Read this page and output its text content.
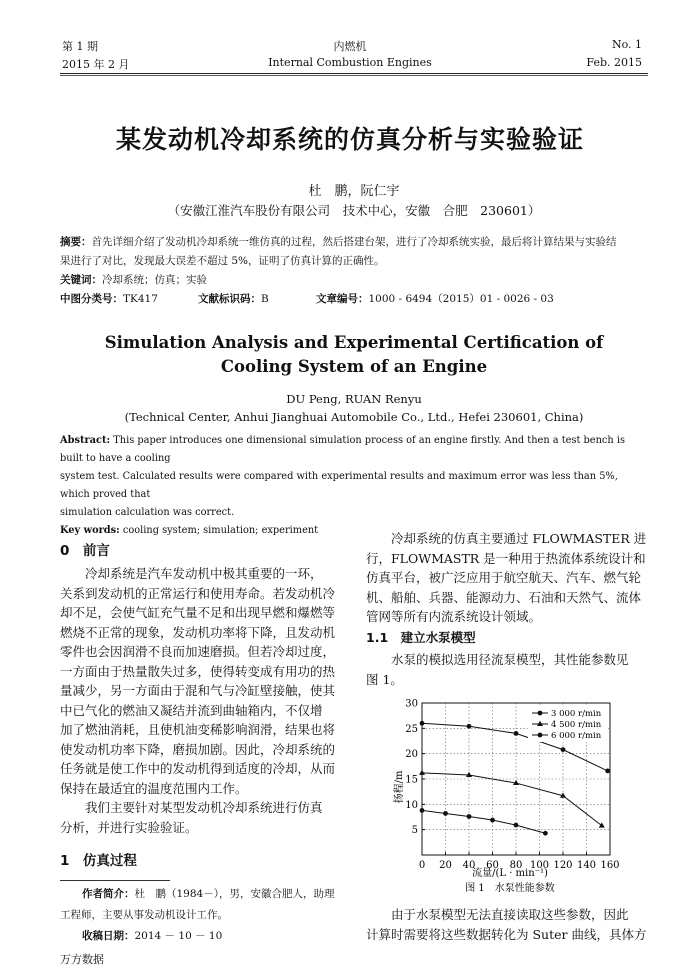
第 1 期
2015 年 2 月
内燃机
Internal Combustion Engines
No. 1
Feb. 2015
某发动机冷却系统的仿真分析与实验验证
杜　鹏，阮仁宇
（安徽江淮汽车股份有限公司　技术中心，安徽　合肥　230601）
摘要：首先详细介绍了发动机冷却系统一维仿真的过程，然后搭建台架，进行了冷却系统实验，最后将计算结果与实验结
果进行了对比，发现最大误差不超过 5%，证明了仿真计算的正确性。
关键词：冷却系统；仿真；实验
中图分类号：TK417	文献标识码：B	文章编号：1000 - 6494（2015）01 - 0026 - 03
Simulation Analysis and Experimental Certification of
Cooling System of an Engine
DU Peng, RUAN Renyu
(Technical Center, Anhui Jianghuai Automobile Co., Ltd., Hefei 230601, China)
Abstract: This paper introduces one dimensional simulation process of an engine firstly. And then a test bench is built to have a cooling
system test. Calculated results were compared with experimental results and maximum error was less than 5%, which proved that
simulation calculation was correct.
Key words: cooling system; simulation; experiment
0　前言
冷却系统是汽车发动机中极其重要的一环，
关系到发动机的正常运行和使用寿命。若发动机冷
却不足，会使气缸充气量不足和出现早燃和爆燃等
燃烧不正常的现象，发动机功率将下降，且发动机
零件也会因润滑不良而加速磨损。但若冷却过度，
一方面由于热量散失过多，使得转变成有用功的热
量减少，另一方面由于混和气与冷缸壁接触，使其
中已气化的燃油又凝结并流到曲轴箱内，不仅增
加了燃油消耗，且使机油变稀影响润滑，结果也将
使发动机功率下降，磨损加剧。因此，冷却系统的
任务就是使工作中的发动机得到适度的冷却，从而
保持在最适宜的温度范围内工作。
我们主要针对某型发动机冷却系统进行仿真
分析，并进行实验验证。
1　仿真过程
作者简介：杜　鹏（1984－），男，安徽合肥人，助理
工程师，主要从事发动机设计工作。
收稿日期：2014 － 10 － 10
万方数据
冷却系统的仿真主要通过 FLOWMASTER 进
行，FLOWMASTR 是一种用于热流体系统设计和
仿真平台，被广泛应用于航空航天、汽车、燃气轮
机、船舶、兵器、能源动力、石油和天然气、流体
管网等所有内流系统设计领域。
1.1　建立水泵模型
水泵的模拟选用径流泵模型，其性能参数见
图 1。
0 20 40 60 80 100 120 140 160
5
10
15
20
25
30
3 000 r/min
4 500 r/min
6 000 r/min
扬程/m
流量/(L · min⁻¹)
图 1　水泵性能参数
由于水泵模型无法直接读取这些参数，因此
计算时需要将这些数据转化为 Suter 曲线，具体方
